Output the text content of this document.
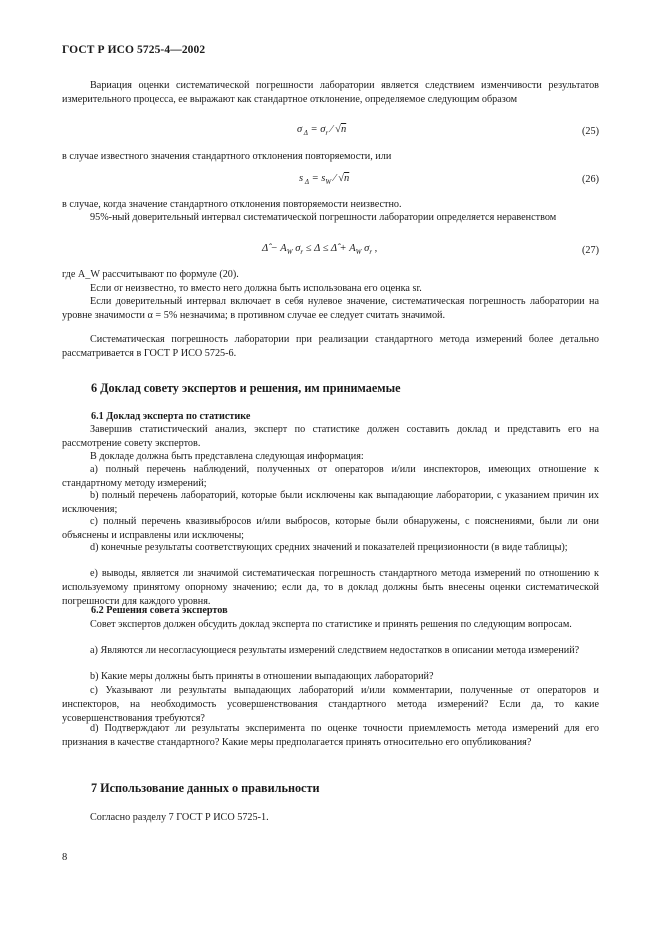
ГОСТ Р ИСО 5725-4—2002

Вариация оценки систематической погрешности лаборатории является следствием изменчивости результатов измерительного процесса, ее выражают как стандартное отклонение, определяемое следующим образом

σ $_\Delta = \sigma_r$ ⁄ √n	(25)

в случае известного значения стандартного отклонения повторяемости, или

s $_\Delta = s_W$ ⁄ √n	(26)

в случае, когда значение стандартного отклонения повторяемости неизвестно.

95%-ный доверительный интервал систематической погрешности лаборатории определяется неравенством

Δ̂ − $A_W$ $\sigma_r \le \Delta$ ≤ Δ̂ + $A_W$ $\sigma_r$ ,	(27)

где A_W рассчитывают по формуле (20).

Если σr неизвестно, то вместо него должна быть использована его оценка sr.

Если доверительный интервал включает в себя нулевое значение, систематическая погрешность лаборатории на уровне значимости α = 5% незначима; в противном случае ее следует считать значимой.

Систематическая погрешность лаборатории при реализации стандартного метода измерений более детально рассматривается в ГОСТ Р ИСО 5725-6.

6 Доклад совету экспертов и решения, им принимаемые
6.1 Доклад эксперта по статистике

Завершив статистический анализ, эксперт по статистике должен составить доклад и представить его на рассмотрение совету экспертов.

В докладе должна быть представлена следующая информация:

a) полный перечень наблюдений, полученных от операторов и/или инспекторов, имеющих отношение к стандартному методу измерений;

b) полный перечень лабораторий, которые были исключены как выпадающие лаборатории, с указанием причин их исключения;

c) полный перечень квазивыбросов и/или выбросов, которые были обнаружены, с пояснениями, были ли они объяснены и исправлены или исключены;

d) конечные результаты соответствующих средних значений и показателей прецизионности (в виде таблицы);

e) выводы, является ли значимой систематическая погрешность стандартного метода измерений по отношению к используемому принятому опорному значению; если да, то в доклад должны быть внесены оценки систематической погрешности для каждого уровня.

6.2 Решения совета экспертов

Совет экспертов должен обсудить доклад эксперта по статистике и принять решения по следующим вопросам.

a) Являются ли несогласующиеся результаты измерений следствием недостатков в описании метода измерений?

b) Какие меры должны быть приняты в отношении выпадающих лабораторий?

c) Указывают ли результаты выпадающих лабораторий и/или комментарии, полученные от операторов и инспекторов, на необходимость усовершенствования стандартного метода измерений? Если да, то какие усовершенствования требуются?

d) Подтверждают ли результаты эксперимента по оценке точности приемлемость метода измерений для его признания в качестве стандартного? Какие меры предполагается принять относительно его опубликования?

7 Использование данных о правильности

Согласно разделу 7 ГОСТ Р ИСО 5725-1.

8
